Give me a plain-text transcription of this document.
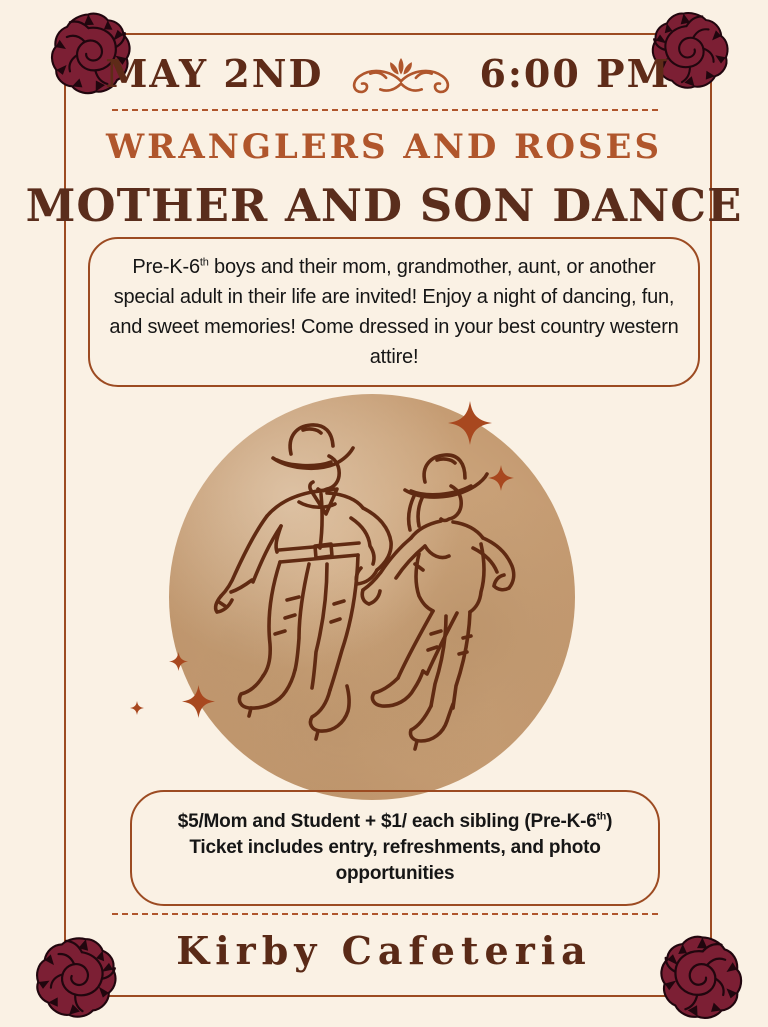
MAY 2ND	6:00 PM
WRANGLERS AND ROSES
MOTHER AND SON DANCE

Pre-K-6th boys and their mom, grandmother, aunt, or another special adult in their life are invited! Enjoy a night of dancing, fun, and sweet memories! Come dressed in your best country western attire!

$5/Mom and Student + $1/ each sibling (Pre-K-6th)

Ticket includes entry, refreshments, and photo opportunities

Kirby Cafeteria
